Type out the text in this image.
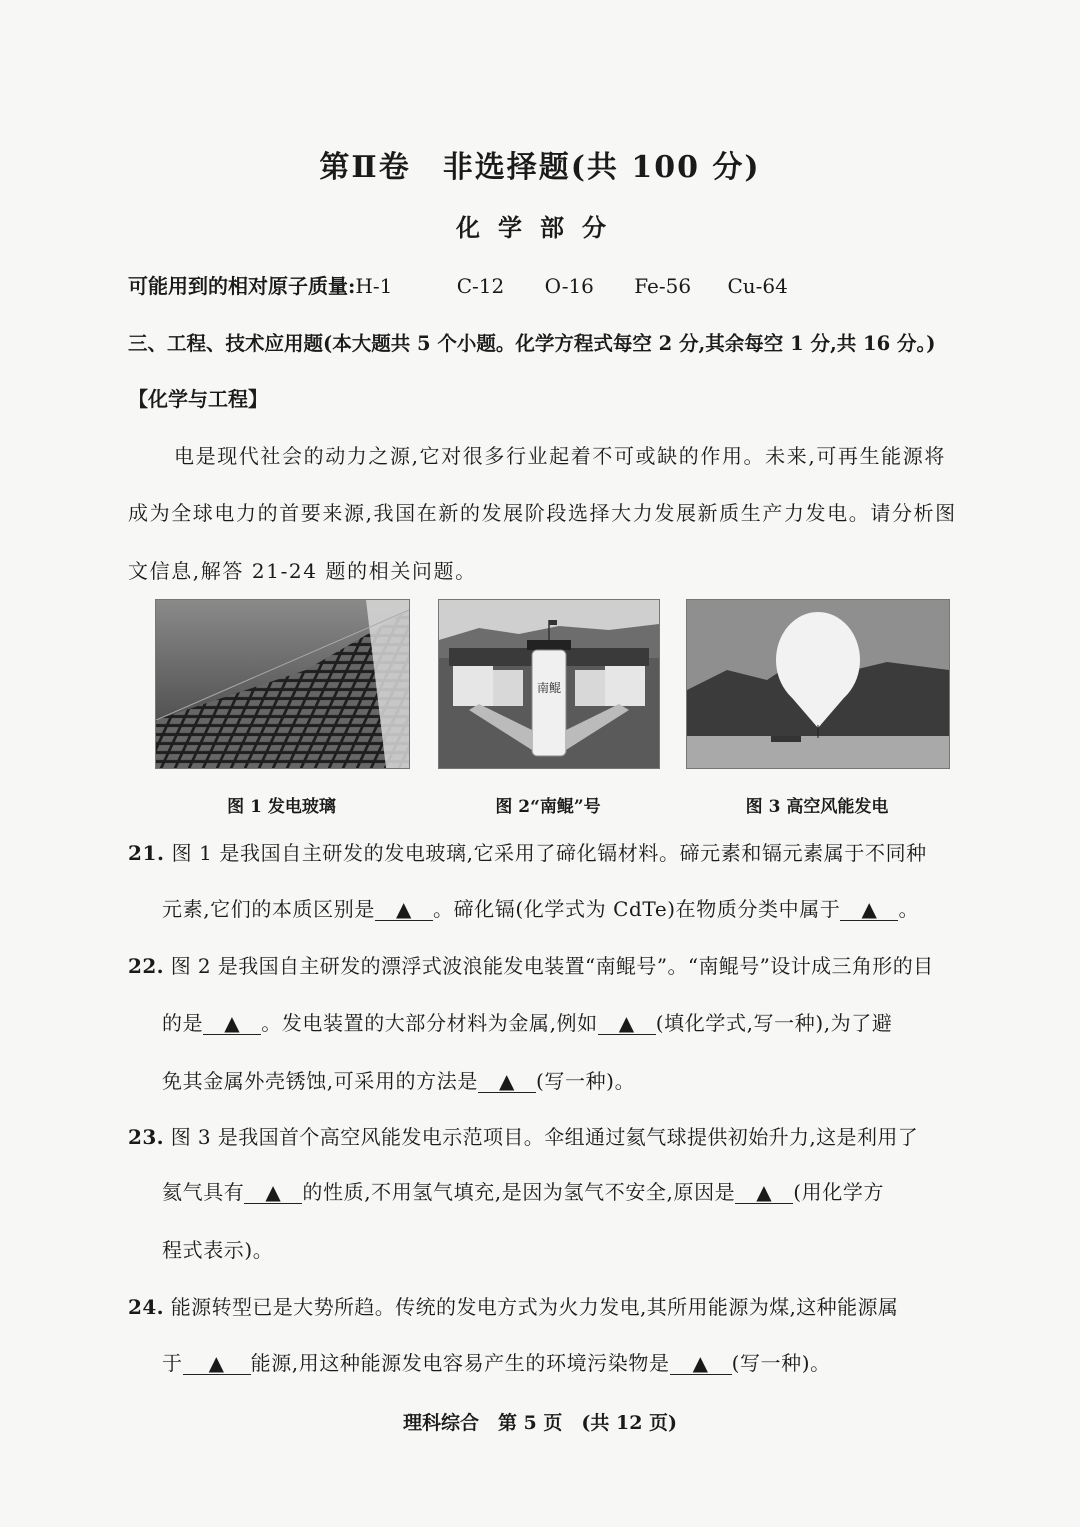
第Ⅱ卷　非选择题(共 100 分)
化学部分
可能用到的相对原子质量:H-1	C-12 O-16 Fe-56 Cu-64
三、工程、技术应用题(本大题共 5 个小题。化学方程式每空 2 分,其余每空 1 分,共 16 分。)
【化学与工程】
电是现代社会的动力之源,它对很多行业起着不可或缺的作用。未来,可再生能源将
成为全球电力的首要来源,我国在新的发展阶段选择大力发展新质生产力发电。请分析图
文信息,解答 21-24 题的相关问题。
南鲲
图 1 发电玻璃	图 2“南鲲”号	图 3 高空风能发电
21. 图 1 是我国自主研发的发电玻璃,它采用了碲化镉材料。碲元素和镉元素属于不同种
元素,它们的本质区别是 ▲ 。碲化镉(化学式为 CdTe)在物质分类中属于 ▲ 。
22. 图 2 是我国自主研发的漂浮式波浪能发电装置“南鲲号”。“南鲲号”设计成三角形的目
的是 ▲ 。发电装置的大部分材料为金属,例如 ▲ (填化学式,写一种),为了避
免其金属外壳锈蚀,可采用的方法是 ▲ (写一种)。
23. 图 3 是我国首个高空风能发电示范项目。伞组通过氦气球提供初始升力,这是利用了
氦气具有 ▲ 的性质,不用氢气填充,是因为氢气不安全,原因是 ▲ (用化学方
程式表示)。
24. 能源转型已是大势所趋。传统的发电方式为火力发电,其所用能源为煤,这种能源属
于 ▲ 能源,用这种能源发电容易产生的环境污染物是 ▲ (写一种)。
理科综合　第 5 页　(共 12 页)
